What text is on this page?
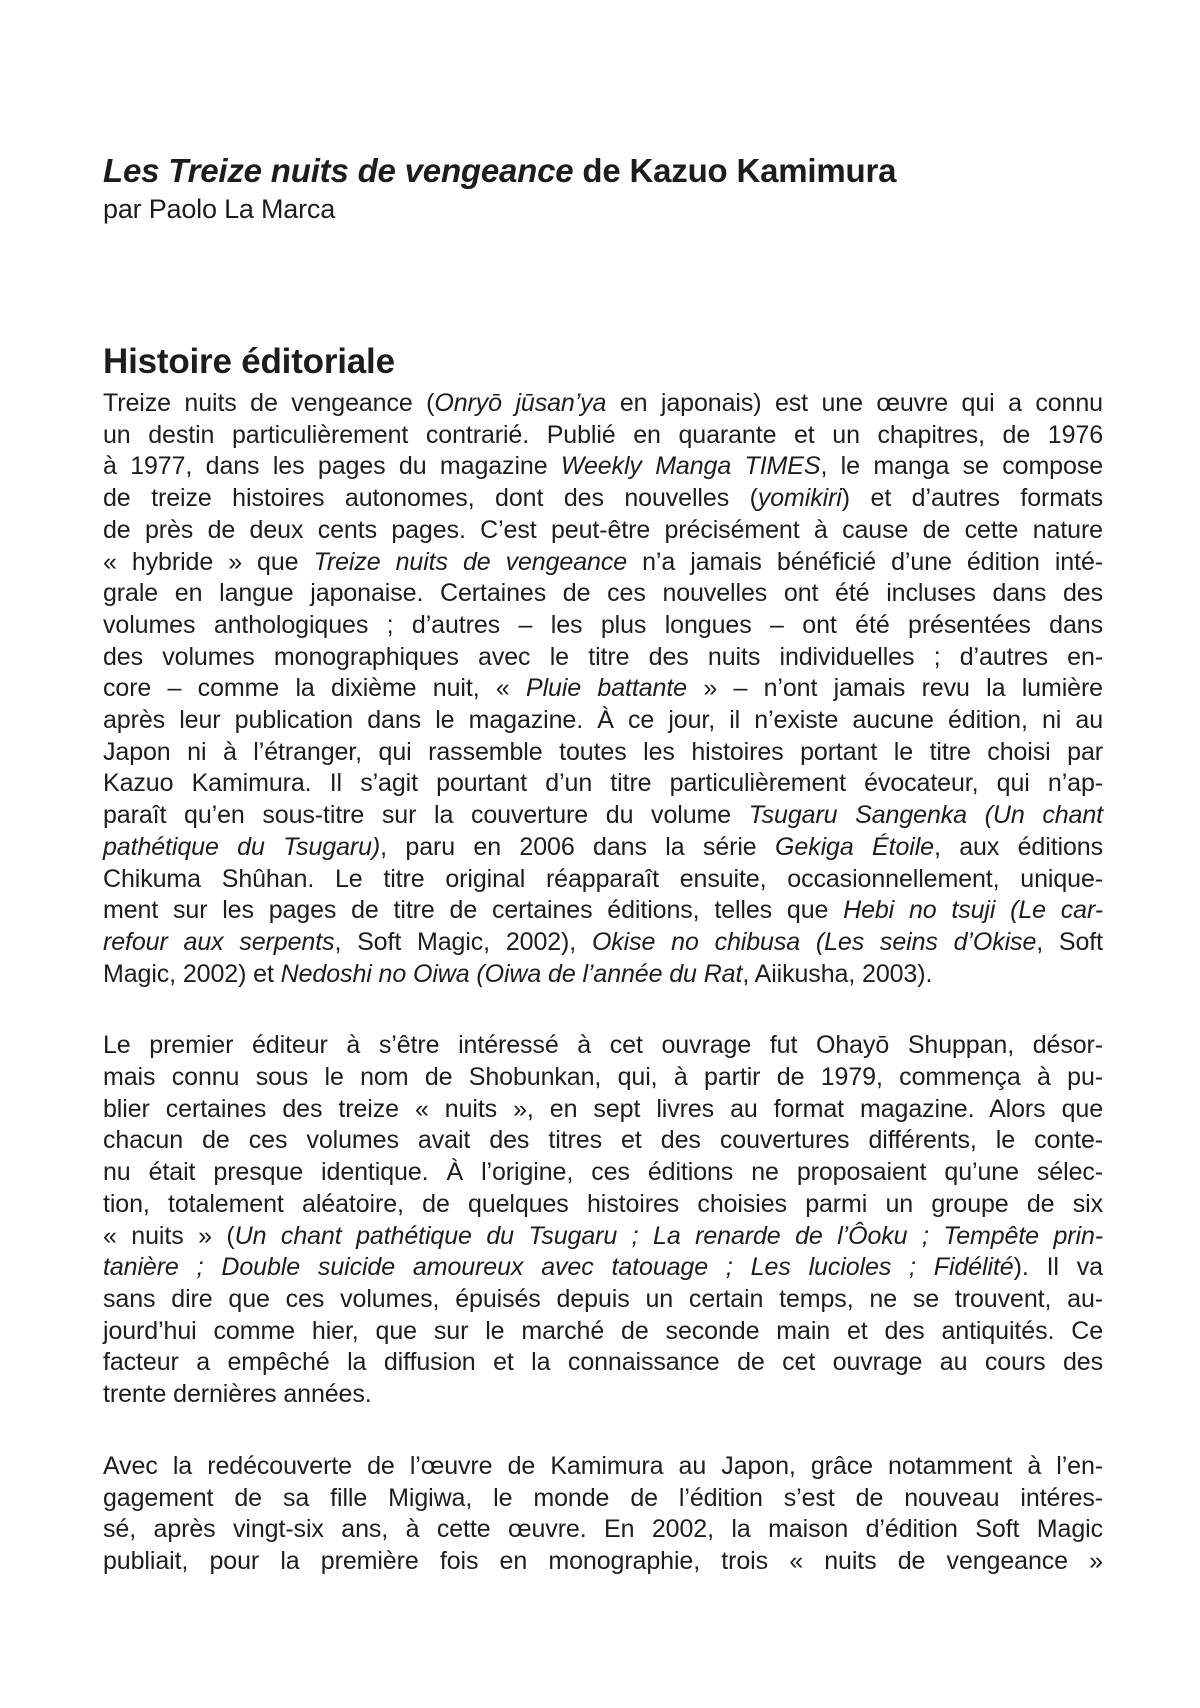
Les Treize nuits de vengeance de Kazuo Kamimura
par Paolo La Marca
Histoire éditoriale
Treize nuits de vengeance (Onryō jūsan’ya en japonais) est une œuvre qui a connu
un destin particulièrement contrarié. Publié en quarante et un chapitres, de 1976
à 1977, dans les pages du magazine Weekly Manga TIMES, le manga se compose
de treize histoires autonomes, dont des nouvelles (yomikiri) et d’autres formats
de près de deux cents pages. C’est peut-être précisément à cause de cette nature
« hybride » que Treize nuits de vengeance n’a jamais bénéficié d’une édition inté-
grale en langue japonaise. Certaines de ces nouvelles ont été incluses dans des
volumes anthologiques ; d’autres – les plus longues – ont été présentées dans
des volumes monographiques avec le titre des nuits individuelles ; d’autres en-
core – comme la dixième nuit, « Pluie battante » – n’ont jamais revu la lumière
après leur publication dans le magazine. À ce jour, il n’existe aucune édition, ni au
Japon ni à l’étranger, qui rassemble toutes les histoires portant le titre choisi par
Kazuo Kamimura. Il s’agit pourtant d’un titre particulièrement évocateur, qui n’ap-
paraît qu’en sous-titre sur la couverture du volume Tsugaru Sangenka (Un chant
pathétique du Tsugaru), paru en 2006 dans la série Gekiga Étoile, aux éditions
Chikuma Shûhan. Le titre original réapparaît ensuite, occasionnellement, unique-
ment sur les pages de titre de certaines éditions, telles que Hebi no tsuji (Le car-
refour aux serpents, Soft Magic, 2002), Okise no chibusa (Les seins d’Okise, Soft
Magic, 2002) et Nedoshi no Oiwa (Oiwa de l’année du Rat, Aiikusha, 2003).
Le premier éditeur à s’être intéressé à cet ouvrage fut Ohayō Shuppan, désor-
mais connu sous le nom de Shobunkan, qui, à partir de 1979, commença à pu-
blier certaines des treize « nuits », en sept livres au format magazine. Alors que
chacun de ces volumes avait des titres et des couvertures différents, le conte-
nu était presque identique. À l’origine, ces éditions ne proposaient qu’une sélec-
tion, totalement aléatoire, de quelques histoires choisies parmi un groupe de six
« nuits » (Un chant pathétique du Tsugaru ; La renarde de l’Ôoku ; Tempête prin-
tanière ; Double suicide amoureux avec tatouage ; Les lucioles ; Fidélité). Il va
sans dire que ces volumes, épuisés depuis un certain temps, ne se trouvent, au-
jourd’hui comme hier, que sur le marché de seconde main et des antiquités. Ce
facteur a empêché la diffusion et la connaissance de cet ouvrage au cours des
trente dernières années.
Avec la redécouverte de l’œuvre de Kamimura au Japon, grâce notamment à l’en-
gagement de sa fille Migiwa, le monde de l’édition s’est de nouveau intéres-
sé, après vingt-six ans, à cette œuvre. En 2002, la maison d’édition Soft Magic
publiait, pour la première fois en monographie, trois « nuits de vengeance »
